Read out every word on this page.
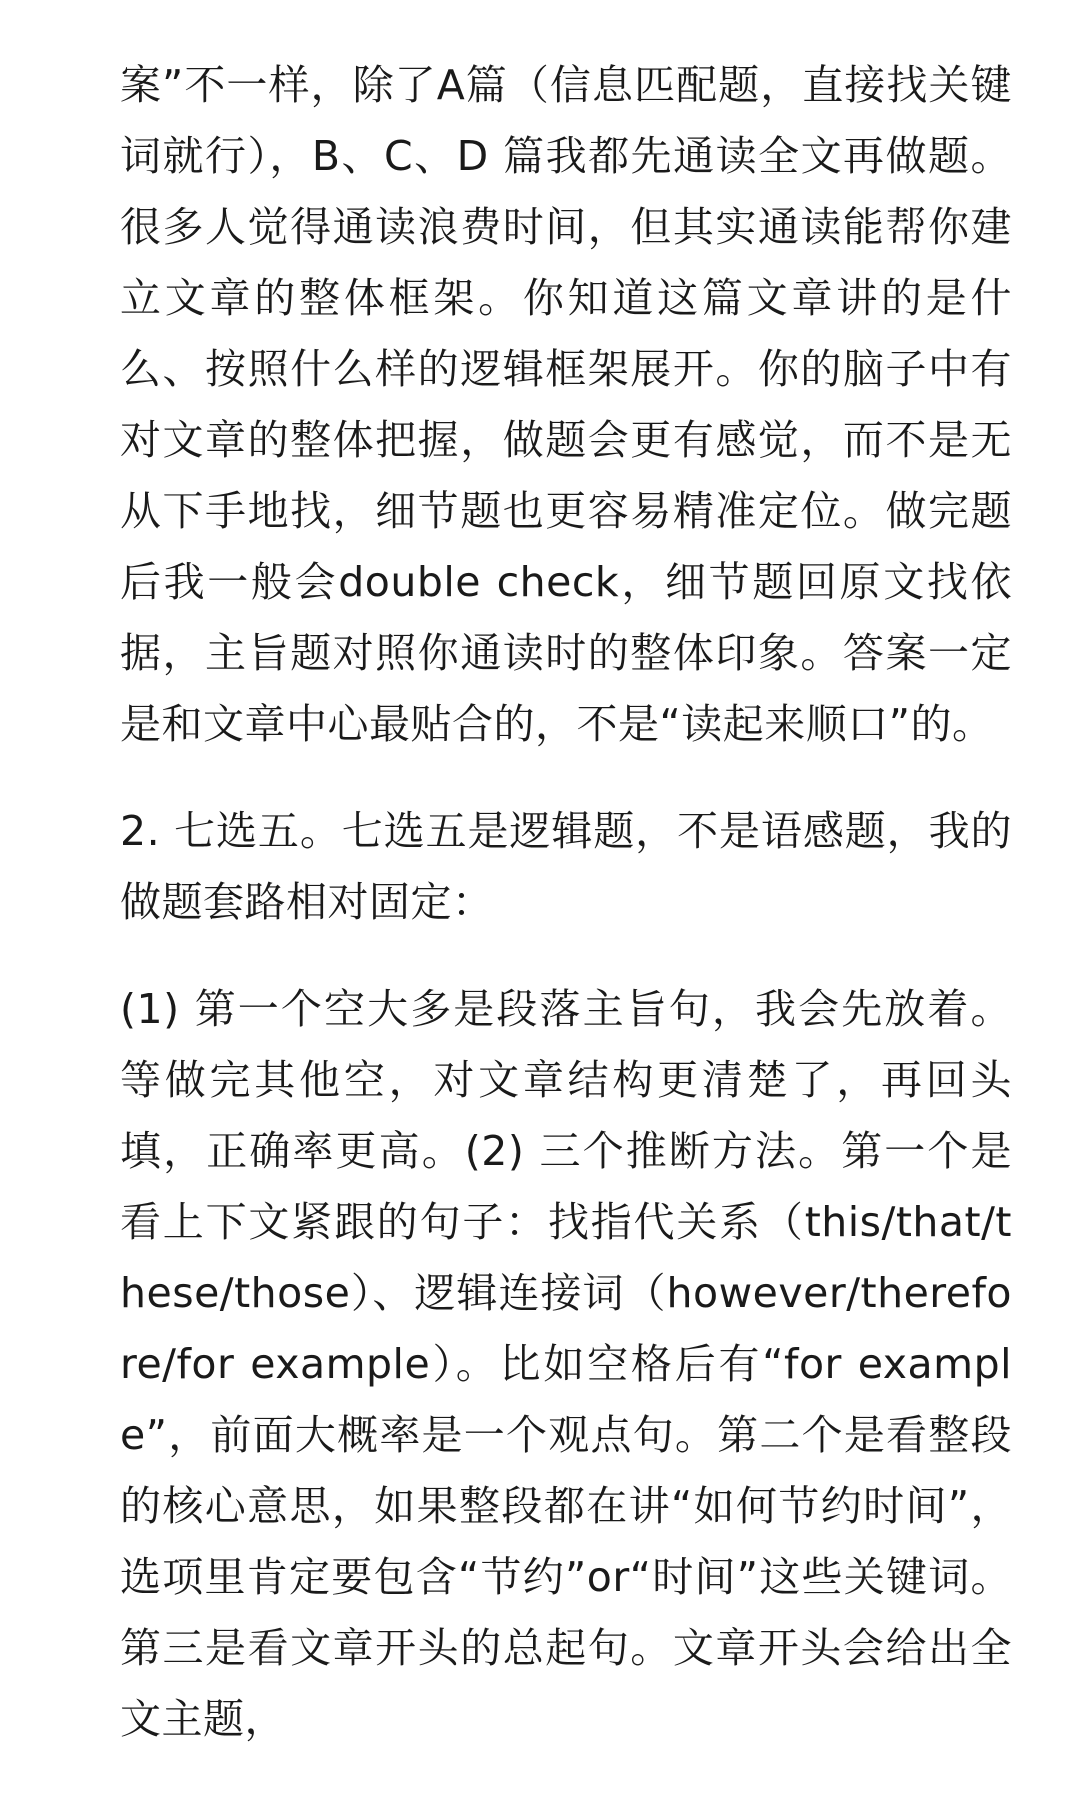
案”不一样，除了A篇（信息匹配题，直接找关键词就行），B、C、D 篇我都先通读全文再做题。很多人觉得通读浪费时间，但其实通读能帮你建立文章的整体框架。你知道这篇文章讲的是什么、按照什么样的逻辑框架展开。你的脑子中有对文章的整体把握，做题会更有感觉，而不是无从下手地找，细节题也更容易精准定位。做完题后我一般会double check，细节题回原文找依据，主旨题对照你通读时的整体印象。答案一定是和文章中心最贴合的，不是“读起来顺口”的。

2. 七选五。七选五是逻辑题，不是语感题，我的做题套路相对固定：

(1) 第一个空大多是段落主旨句，我会先放着。等做完其他空，对文章结构更清楚了，再回头填，正确率更高。(2) 三个推断方法。第一个是看上下文紧跟的句子：找指代关系（this/that/these/those）、逻辑连接词（however/therefore/for example）。比如空格后有“for example”，前面大概率是一个观点句。第二个是看整段的核心意思，如果整段都在讲“如何节约时间”，选项里肯定要包含“节约”or“时间”这些关键词。第三是看文章开头的总起句。文章开头会给出全文主题，
